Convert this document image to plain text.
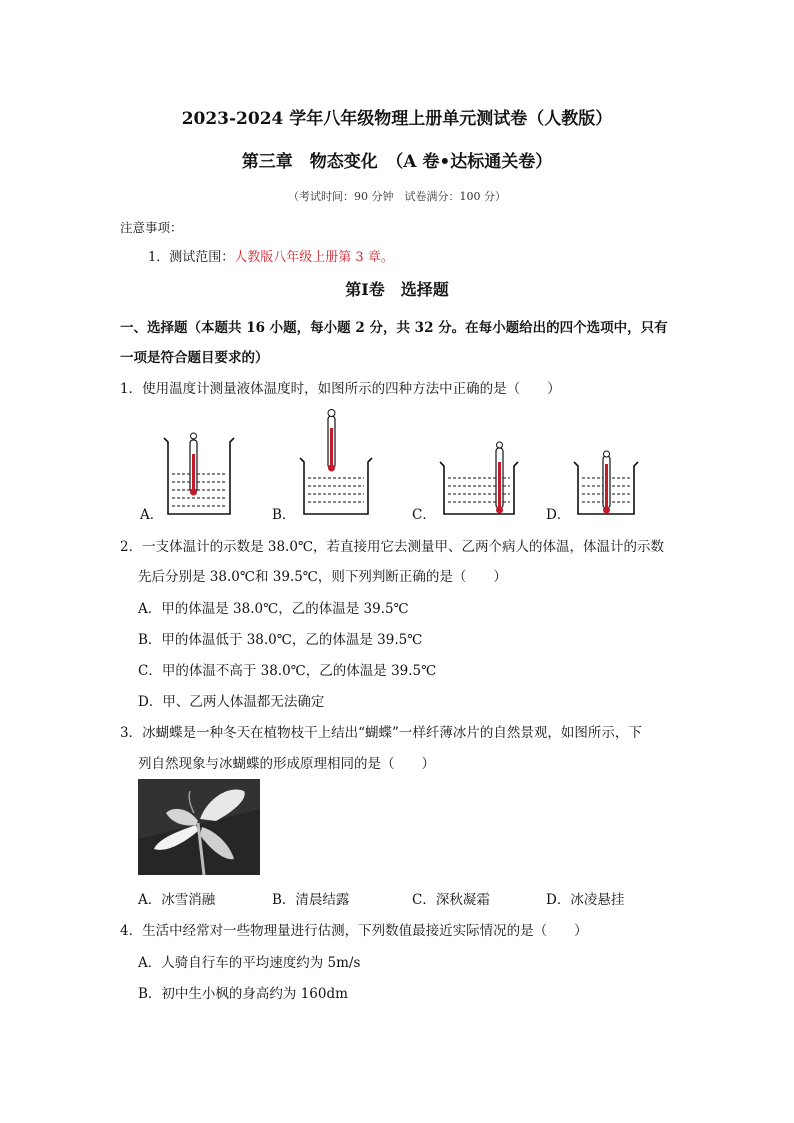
2023-2024 学年八年级物理上册单元测试卷（人教版）
第三章　物态变化　（A 卷•达标通关卷）
（考试时间：90 分钟　试卷满分：100 分）
注意事项：
1．测试范围：人教版八年级上册第 3 章。
第Ⅰ卷　选择题
一、选择题（本题共 16 小题，每小题 2 分，共 32 分。在每小题给出的四个选项中，只有
一项是符合题目要求的）
1．使用温度计测量液体温度时，如图所示的四种方法中正确的是（　　）
A．	B．	C．	D．
2．一支体温计的示数是 38.0℃，若直接用它去测量甲、乙两个病人的体温，体温计的示数
先后分别是 38.0℃和 39.5℃，则下列判断正确的是（　　）
A．甲的体温是 38.0℃，乙的体温是 39.5℃
B．甲的体温低于 38.0℃，乙的体温是 39.5℃
C．甲的体温不高于 38.0℃，乙的体温是 39.5℃
D．甲、乙两人体温都无法确定
3．冰蝴蝶是一种冬天在植物枝干上结出“蝴蝶”一样纤薄冰片的自然景观，如图所示，下
列自然现象与冰蝴蝶的形成原理相同的是（　　）
A．冰雪消融	B．清晨结露	C．深秋凝霜	D．冰凌悬挂
4．生活中经常对一些物理量进行估测，下列数值最接近实际情况的是（　　）
A．人骑自行车的平均速度约为 5m/s
B．初中生小枫的身高约为 160dm
